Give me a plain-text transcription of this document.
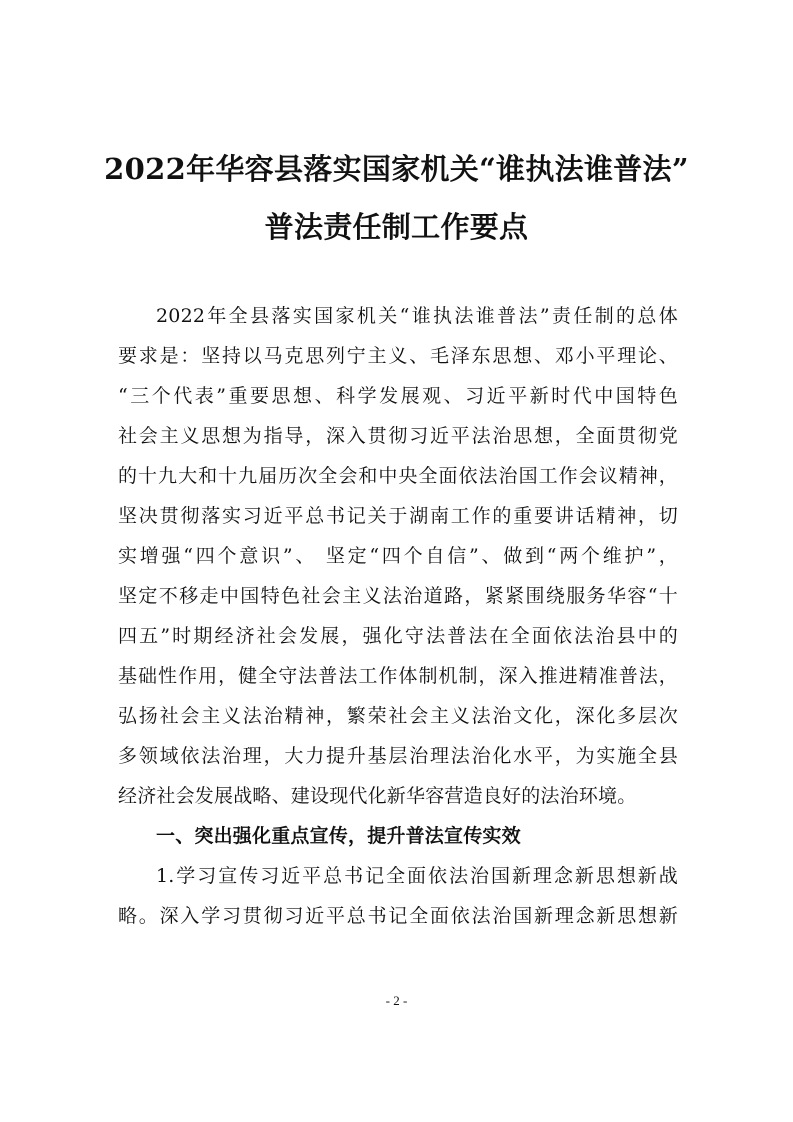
2022年华容县落实国家机关“谁执法谁普法”
普法责任制工作要点
2022年全县落实国家机关“谁执法谁普法”责任制的总体
要求是：坚持以马克思列宁主义、毛泽东思想、邓小平理论、
“三个代表”重要思想、科学发展观、习近平新时代中国特色
社会主义思想为指导，深入贯彻习近平法治思想，全面贯彻党
的十九大和十九届历次全会和中央全面依法治国工作会议精神，
坚决贯彻落实习近平总书记关于湖南工作的重要讲话精神，切
实增强“四个意识”、 坚定“四个自信”、做到“两个维护”，
坚定不移走中国特色社会主义法治道路，紧紧围绕服务华容“十
四五”时期经济社会发展，强化守法普法在全面依法治县中的
基础性作用，健全守法普法工作体制机制，深入推进精准普法，
弘扬社会主义法治精神，繁荣社会主义法治文化，深化多层次
多领域依法治理，大力提升基层治理法治化水平，为实施全县
经济社会发展战略、建设现代化新华容营造良好的法治环境。
一、突出强化重点宣传，提升普法宣传实效
1.学习宣传习近平总书记全面依法治国新理念新思想新战
略。深入学习贯彻习近平总书记全面依法治国新理念新思想新
- 2 -
